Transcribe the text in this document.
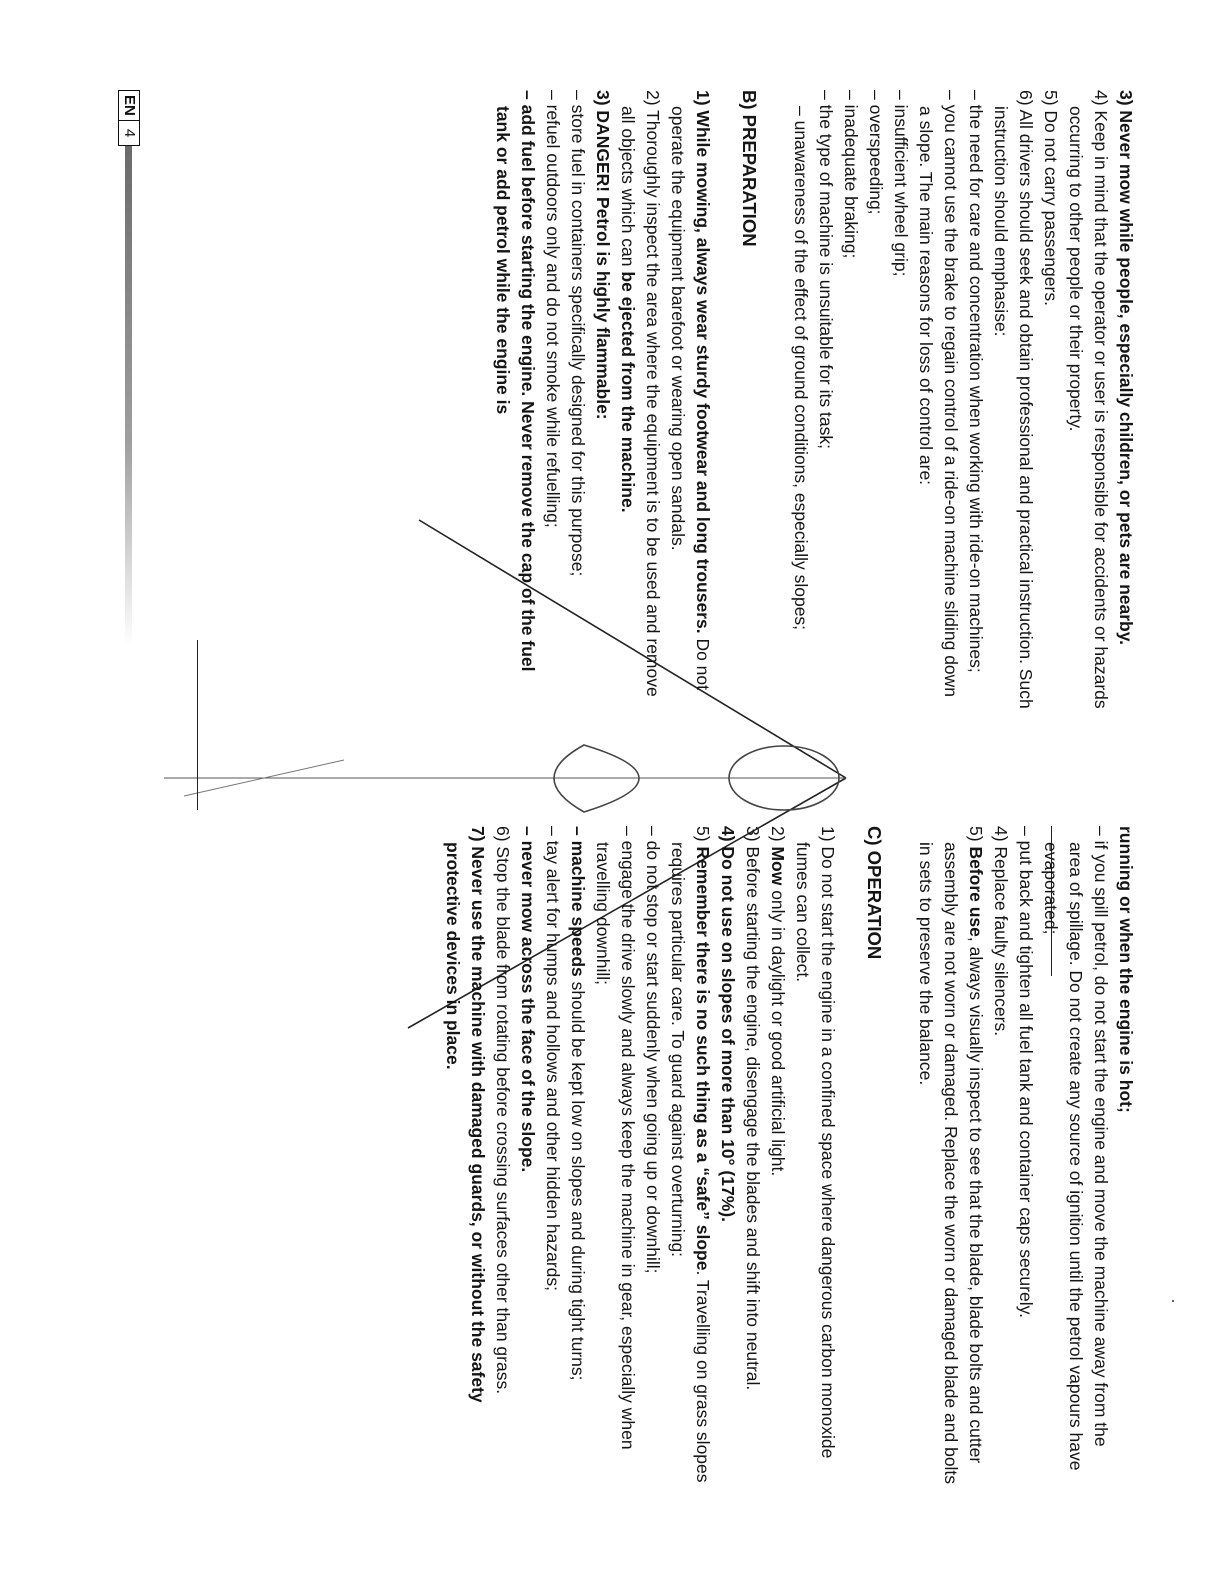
3) Never mow while people, especially children, or pets are nearby.

4) Keep in mind that the operator or user is responsible for accidents or hazards occurring to other people or their property.

5) Do not carry passengers.

6) All drivers should seek and obtain professional and practical instruction. Such instruction should emphasise:

– the need for care and concentration when working with ride-on machines;

– you cannot use the brake to regain control of a ride-on machine sliding down a slope. The main reasons for loss of control are:

– insufficient wheel grip;

– overspeeding;

– inadequate braking;

– the type of machine is unsuitable for its task;

– unawareness of the effect of ground conditions, especially slopes;

B) PREPARATION

1) While mowing, always wear sturdy footwear and long trousers. Do not operate the equipment barefoot or wearing open sandals.

2) Thoroughly inspect the area where the equipment is to be used and remove all objects which can be ejected from the machine.

3) DANGER! Petrol is highly flammable:

– store fuel in containers specifically designed for this purpose;

– refuel outdoors only and do not smoke while refuelling;

– add fuel before starting the engine. Never remove the cap of the fuel tank or add petrol while the engine is

running or when the engine is hot;

– if you spill petrol, do not start the engine and move the machine away from the area of spillage. Do not create any source of ignition until the petrol vapours have evaporated;

– put back and tighten all fuel tank and container caps securely.

4) Replace faulty silencers.

5) Before use, always visually inspect to see that the blade, blade bolts and cutter assembly are not worn or damaged. Replace the worn or damaged blade and bolts in sets to preserve the balance.

C) OPERATION

1) Do not start the engine in a confined space where dangerous carbon monoxide fumes can collect.

2) Mow only in daylight or good artificial light.

3) Before starting the engine, disengage the blades and shift into neutral.

4) Do not use on slopes of more than 10° (17%).

5) Remember there is no such thing as a “safe” slope. Travelling on grass slopes requires particular care. To guard against overturning:

– do not stop or start suddenly when going up or downhill;

– engage the drive slowly and always keep the machine in gear, especially when travelling downhill;

– machine speeds should be kept low on slopes and during tight turns;

– tay alert for humps and hollows and other hidden hazards;

– never mow across the face of the slope.

6) Stop the blade from rotating before crossing surfaces other than grass.

7) Never use the machine with damaged guards, or without the safety protective devices in place.

EN
4
